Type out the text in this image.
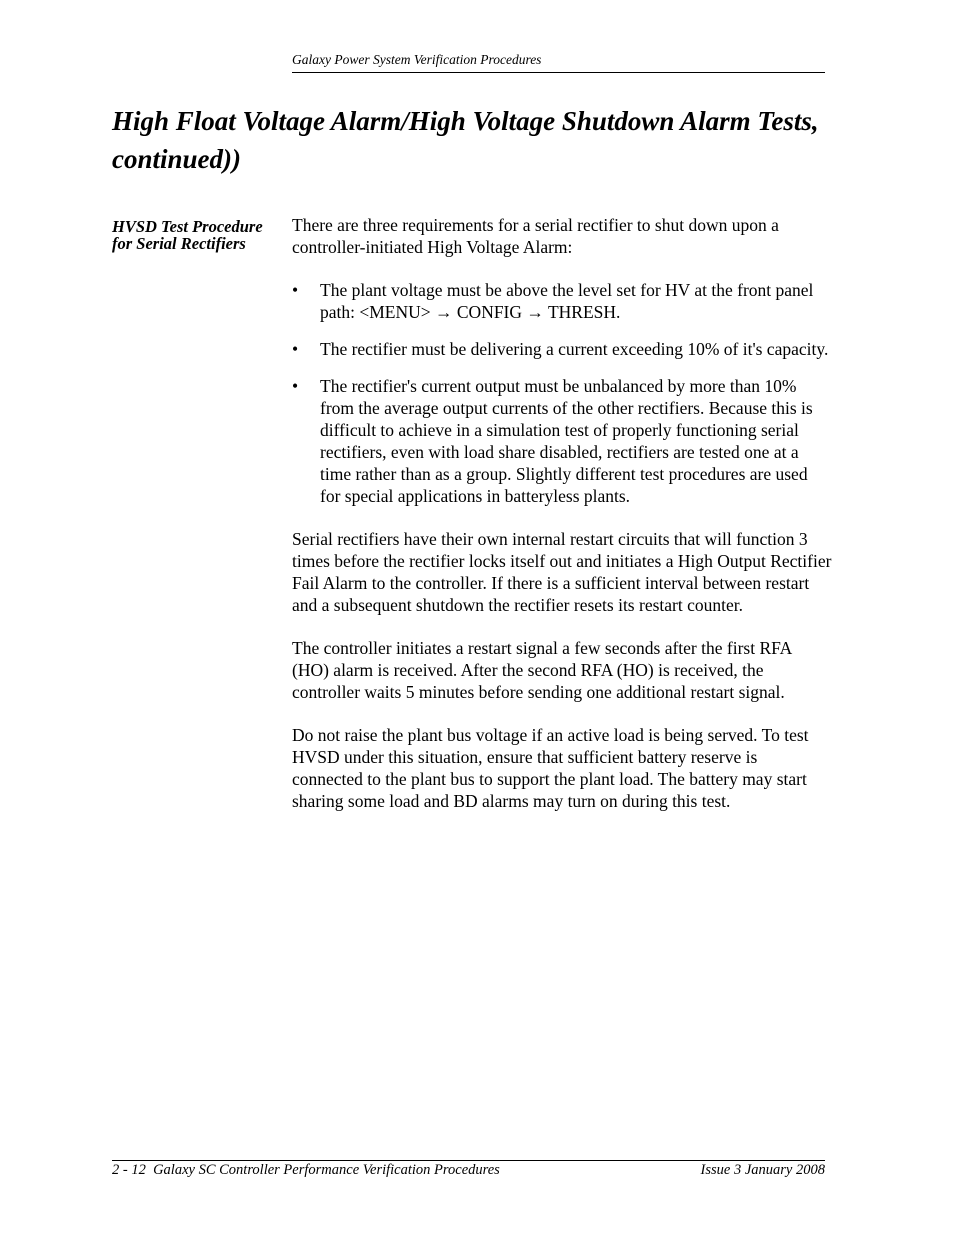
Galaxy Power System Verification Procedures
High Float Voltage Alarm/High Voltage Shutdown Alarm Tests, continued))
HVSD Test Procedure for Serial Rectifiers

There are three requirements for a serial rectifier to shut down upon a controller-initiated High Voltage Alarm:

• The plant voltage must be above the level set for HV at the front panel path: <MENU> → CONFIG → THRESH.
• The rectifier must be delivering a current exceeding 10% of it's capacity.
• The rectifier's current output must be unbalanced by more than 10% from the average output currents of the other rectifiers. Because this is difficult to achieve in a simulation test of properly functioning serial rectifiers, even with load share disabled, rectifiers are tested one at a time rather than as a group. Slightly different test procedures are used for special applications in batteryless plants.

Serial rectifiers have their own internal restart circuits that will function 3 times before the rectifier locks itself out and initiates a High Output Rectifier Fail Alarm to the controller. If there is a sufficient interval between restart and a subsequent shutdown the rectifier resets its restart counter.

The controller initiates a restart signal a few seconds after the first RFA (HO) alarm is received. After the second RFA (HO) is received, the controller waits 5 minutes before sending one additional restart signal.

Do not raise the plant bus voltage if an active load is being served. To test HVSD under this situation, ensure that sufficient battery reserve is connected to the plant bus to support the plant load. The battery may start sharing some load and BD alarms may turn on during this test.

2 - 12  Galaxy SC Controller Performance Verification Procedures	Issue 3 January 2008
